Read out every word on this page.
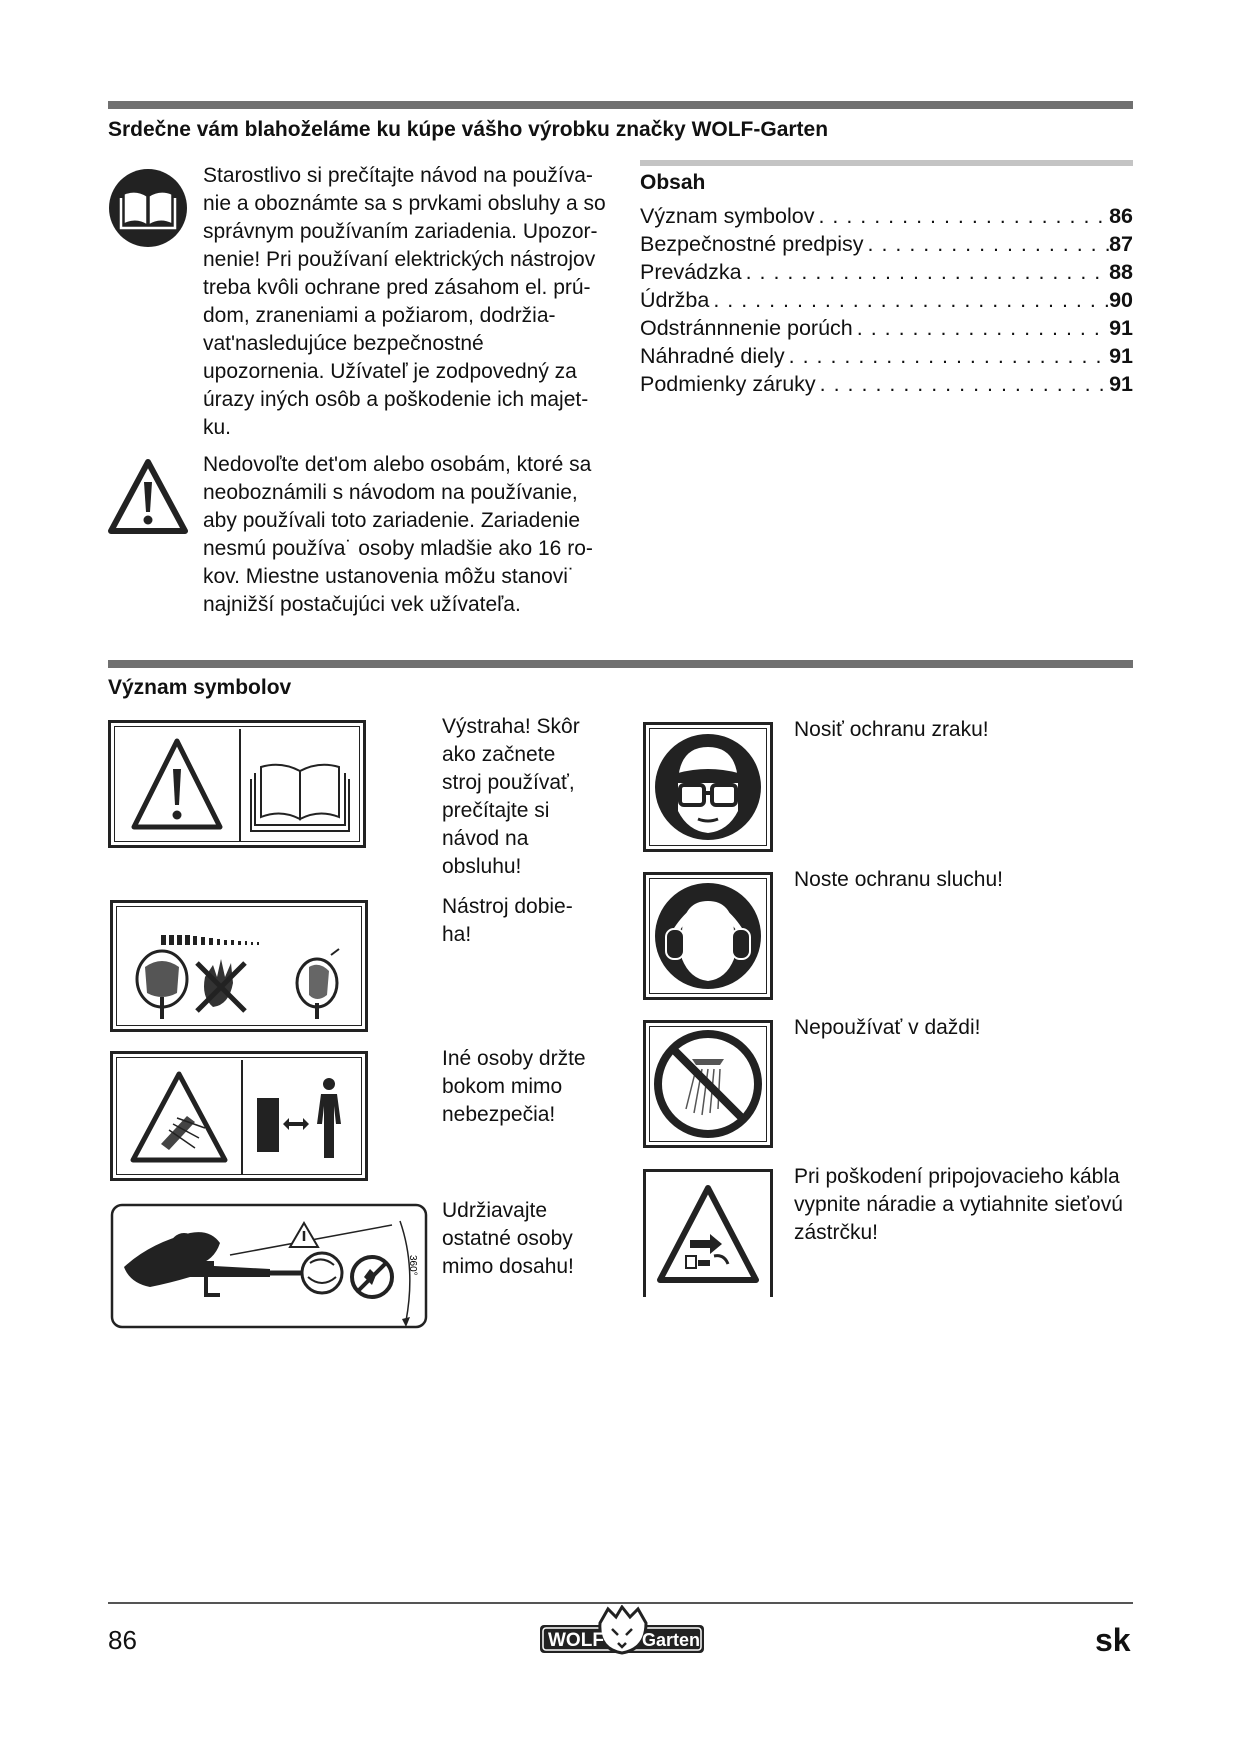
Srdečne vám blahoželáme ku kúpe vášho výrobku značky WOLF-Garten
Starostlivo si prečítajte návod na používa-
nie a oboznámte sa s prvkami obsluhy a so
správnym používaním zariadenia. Upozor-
nenie! Pri používaní elektrických nástrojov
treba kvôli ochrane pred zásahom el. prú-
dom, zraneniami a požiarom, dodržia-
vat'nasledujúce bezpečnostné
upozornenia. Užívateľ je zodpovedný za
úrazy iných osôb a poškodenie ich majet-
ku.
Nedovoľte det'om alebo osobám, ktoré sa
neoboznámili s návodom na používanie,
aby používali toto zariadenie. Zariadenie
nesmú používa˙ osoby mladšie ako 16 ro-
kov. Miestne ustanovenia môžu stanovi˙
najnižší postačujúci vek užívateľa.
Obsah
Význam symbolov . . .	86
Bezpečnostné predpisy . . .	87
Prevádzka . . .	88
Údržba . . .	90
Odstránnnenie porúch . . .	91
Náhradné diely . . .	91
Podmienky záruky . . .	91
Význam symbolov
Výstraha! Skôr
ako začnete
stroj používať,
prečítajte si
návod na
obsluhu!
Nástroj dobie-
ha!
Iné osoby držte
bokom mimo
nebezpečia!
360°
Udržiavajte
ostatné osoby
mimo dosahu!
Nosiť ochranu zraku!
Noste ochranu sluchu!
Nepoužívať v daždi!
Pri poškodení pripojovacieho kábla
vypnite náradie a vytiahnite sieťovú
zástrčku!
86	WOLF Garten	sk
